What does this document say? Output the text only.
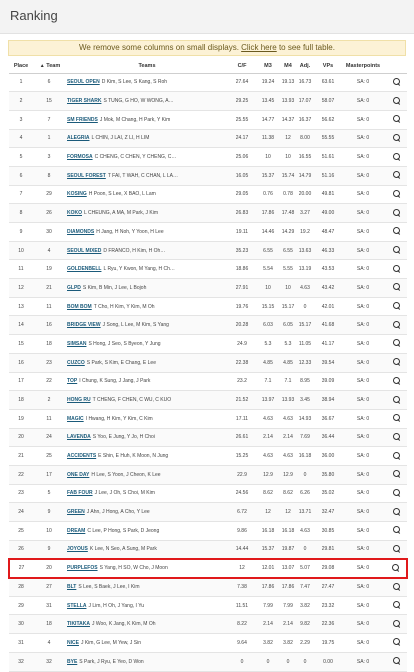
Ranking
We remove some columns on small displays. Click here to see full table.
Place	▲ Team	Teams	C/F	M3	M4	Adj.	VPs	Masterpoints	
1	6	SEOUL OPEN D Kim, S Lee, S Kang, S Roh	27.64	19.24	19.13	16.73	63.61	SA: 0	
2	15	TIGER SHARK S TUNG, G HO, W WONG, A…	29.25	13.45	13.93	17.07	58.07	SA: 0	
3	7	SM FRIENDS J Mok, M Chang, H Park, Y Kim	25.55	14.77	14.37	16.37	56.62	SA: 0	
4	1	ALEGRIA L CHIN, J LAI, Z LI, H LIM	24.17	11.38	12	8.00	55.55	SA: 0	
5	3	FORMOSA C CHENG, C CHEN, Y CHENG, C…	25.06	10	10	16.55	51.61	SA: 0	
6	8	SEOUL FOREST T FAI, T WAH, C CHAN, L LA…	16.05	15.37	15.74	14.79	51.16	SA: 0	
7	29	KOSING H Poon, S Lee, X BAO, L Lam	29.05	0.76	0.78	20.00	49.81	SA: 0	
8	26	KOKO L CHEUNG, A MA, M Park, J Kim	26.83	17.86	17.48	3.27	49.00	SA: 0	
9	30	DIAMONDS H Jang, H Noh, Y Yoon, H Lee	19.11	14.46	14.29	19.2	48.47	SA: 0	
10	4	SEOUL MIXED D FRANCO, H Kim, H Oh…	35.23	6.55	6.55	13.63	46.33	SA: 0	
11	19	GOLDENBELL L Ryu, Y Kwon, M Yang, H Ch…	18.86	5.54	5.55	13.19	43.53	SA: 0	
12	21	GLPD S Kim, B Min, J Lee, L Bojoh	27.91	10	10	4.63	43.42	SA: 0	
13	11	BOM BOM T Cho, H Kim, Y Kim, M Oh	19.76	15.15	15.17	0	42.01	SA: 0	
14	16	BRIDGE VIEW J Song, L Lee, M Kim, S Yang	20.28	6.03	6.05	15.17	41.68	SA: 0	
15	18	SIMSAN S Hong, J Seo, S Byeon, Y Jung	24.9	5.3	5.3	11.05	41.17	SA: 0	
16	23	CUZCO S Park, S Kim, E Chang, E Lee	22.38	4.85	4.85	12.33	39.54	SA: 0	
17	22	TOP I Chung, K Sung, J Jang, J Park	23.2	7.1	7.1	8.95	39.09	SA: 0	
18	2	HONG RU T CHENG, F CHEN, C WU, C KUO	21.52	13.97	13.93	3.45	38.94	SA: 0	
19	11	MAGIC I Hwang, H Kim, Y Kim, C Kim	17.11	4.63	4.63	14.93	36.67	SA: 0	
20	24	LAVENDA S Yoo, E Jung, Y Jo, H Choi	26.61	2.14	2.14	7.69	36.44	SA: 0	
21	25	ACCIDENTS E Shin, E Huh, K Moon, N Jung	15.25	4.63	4.63	16.18	36.00	SA: 0	
22	17	ONE DAY H Lee, S Yoon, J Cheon, K Lee	22.9	12.9	12.9	0	35.80	SA: 0	
23	5	FAB FOUR J Lee, J Oh, S Choi, M Kim	24.56	8.62	8.62	6.26	35.02	SA: 0	
24	9	GREEN J Ahn, J Hong, A Cho, Y Lee	6.72	12	12	13.71	32.47	SA: 0	
25	10	DREAM C Lee, P Hong, S Park, D Jeong	9.86	16.18	16.18	4.63	30.85	SA: 0	
26	9	JOYOUS K Lee, N Seo, A Sung, M Park	14.44	15.37	19.87	0	29.81	SA: 0	
27	20	PURPLEFOS S Yang, H SO, W Cho, J Moon	12	12.01	13.07	5.07	29.08	SA: 0	
28	27	BLT S Lee, S Baek, J Lee, I Kim	7.38	17.86	17.86	7.47	27.47	SA: 0	
29	31	STELLA J Lim, H Oh, J Yang, I Yu	11.51	7.99	7.99	3.82	23.32	SA: 0	
30	18	TIKITAKA J Woo, K Jang, K Kim, M Oh	8.22	2.14	2.14	9.82	22.36	SA: 0	
31	4	NICE J Kim, G Lee, M Yew, J Sin	9.64	3.82	3.82	2.29	19.75	SA: 0	
32	32	BYE S Park, J Ryu, E Yeo, D Won	0	0	0	0	0.00	SA: 0	
